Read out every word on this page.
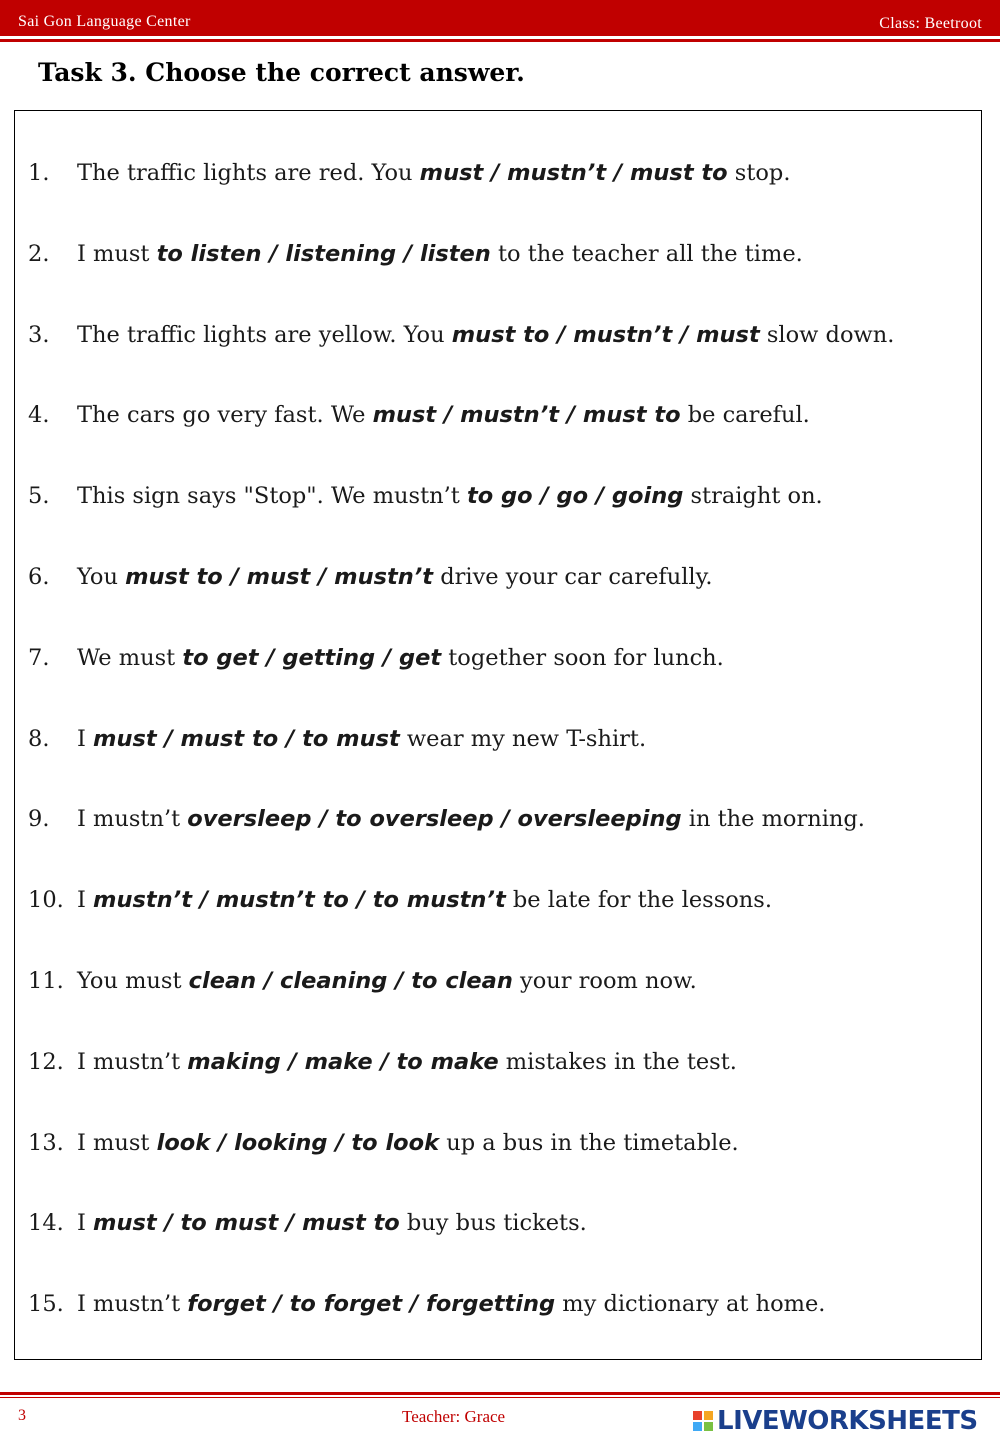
Sai Gon Language Center	Class: Beetroot
Task 3. Choose the correct answer.
1. The traffic lights are red. You must / mustn’t / must to stop.
2. I must to listen / listening / listen to the teacher all the time.
3. The traffic lights are yellow. You must to / mustn’t / must slow down.
4. The cars go very fast. We must / mustn’t / must to be careful.
5. This sign says "Stop". We mustn’t to go / go / going straight on.
6. You must to / must / mustn’t drive your car carefully.
7. We must to get / getting / get together soon for lunch.
8. I must / must to / to must wear my new T-shirt.
9. I mustn’t oversleep / to oversleep / oversleeping in the morning.
10. I mustn’t / mustn’t to / to mustn’t be late for the lessons.
11. You must clean / cleaning / to clean your room now.
12. I mustn’t making / make / to make mistakes in the test.
13. I must look / looking / to look up a bus in the timetable.
14. I must / to must / must to buy bus tickets.
15. I mustn’t forget / to forget / forgetting my dictionary at home.
3	Teacher: Grace	LIVEWORKSHEETS
